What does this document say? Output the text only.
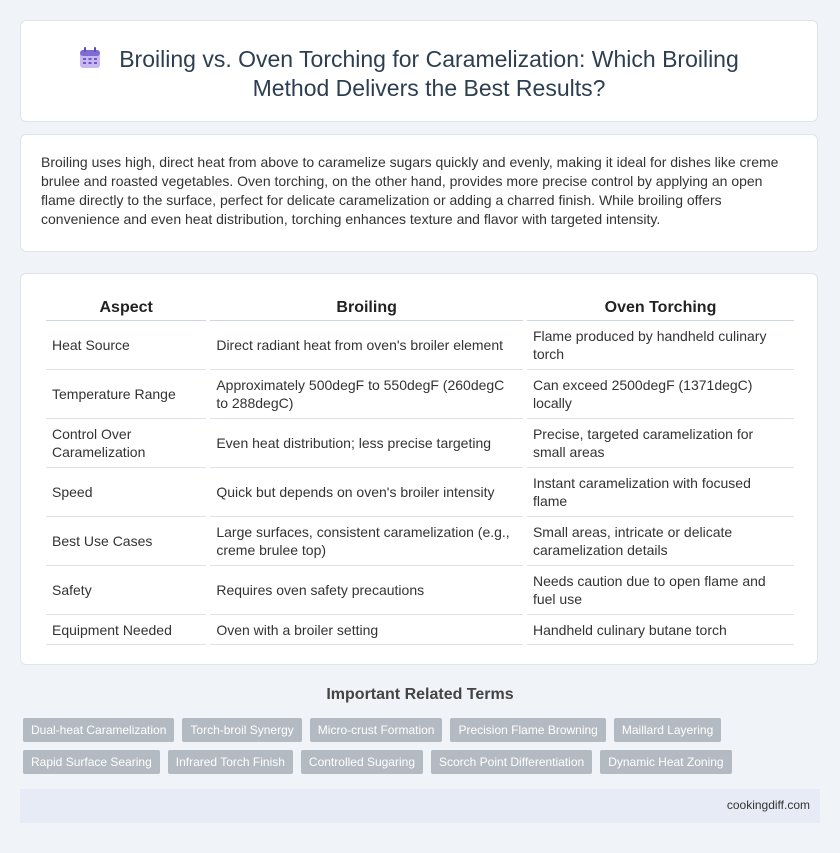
Broiling vs. Oven Torching for Caramelization: Which Broiling Method Delivers the Best Results?

Broiling uses high, direct heat from above to caramelize sugars quickly and evenly, making it ideal for dishes like creme brulee and roasted vegetables. Oven torching, on the other hand, provides more precise control by applying an open flame directly to the surface, perfect for delicate caramelization or adding a charred finish. While broiling offers convenience and even heat distribution, torching enhances texture and flavor with targeted intensity.

Aspect	Broiling	Oven Torching
Heat Source	Direct radiant heat from oven's broiler element	Flame produced by handheld culinary torch
Temperature Range	Approximately 500degF to 550degF (260degC to 288degC)	Can exceed 2500degF (1371degC) locally
Control Over Caramelization	Even heat distribution; less precise targeting	Precise, targeted caramelization for small areas
Speed	Quick but depends on oven's broiler intensity	Instant caramelization with focused flame
Best Use Cases	Large surfaces, consistent caramelization (e.g., creme brulee top)	Small areas, intricate or delicate caramelization details
Safety	Requires oven safety precautions	Needs caution due to open flame and fuel use
Equipment Needed	Oven with a broiler setting	Handheld culinary butane torch
Important Related Terms
Dual-heat Caramelization	Torch-broil Synergy	Micro-crust Formation	Precision Flame Browning	Maillard Layering
Rapid Surface Searing	Infrared Torch Finish	Controlled Sugaring	Scorch Point Differentiation	Dynamic Heat Zoning
cookingdiff.com
